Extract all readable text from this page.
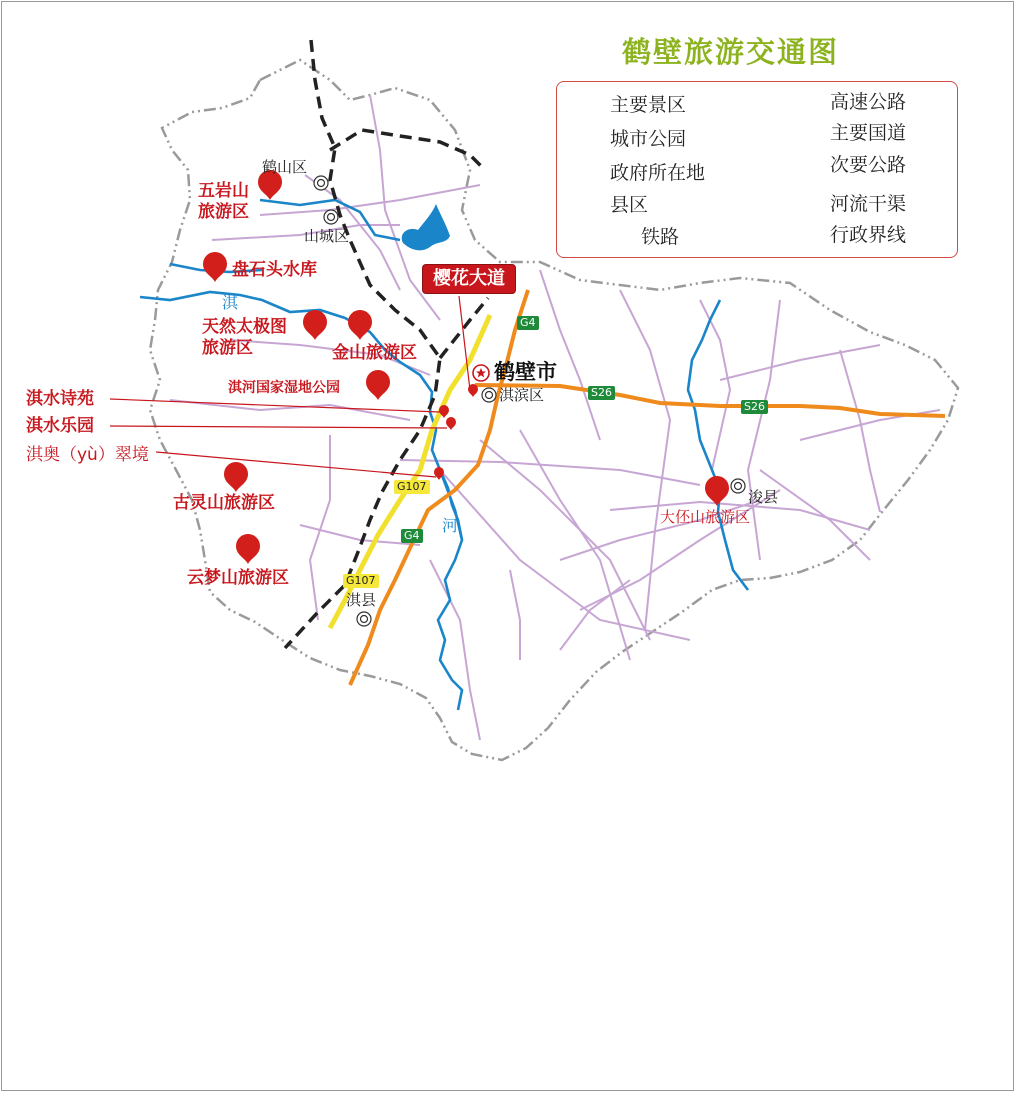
鹤壁旅游交通图
主要景区
城市公园
政府所在地
县区
铁路
高速公路
主要国道
次要公路
河流干渠
行政界线
樱花大道
鹤山区
山城区
鹤壁市
淇滨区
浚县
淇县
五岩山
旅游区
盘石头水库
天然太极图
旅游区	金山旅游区
淇河国家湿地公园
淇水诗苑
淇水乐园
淇奥（yù）翠境
古灵山旅游区
云梦山旅游区
大伾山旅游区
淇
河
G4
G4
S26
S26
G107
G107
